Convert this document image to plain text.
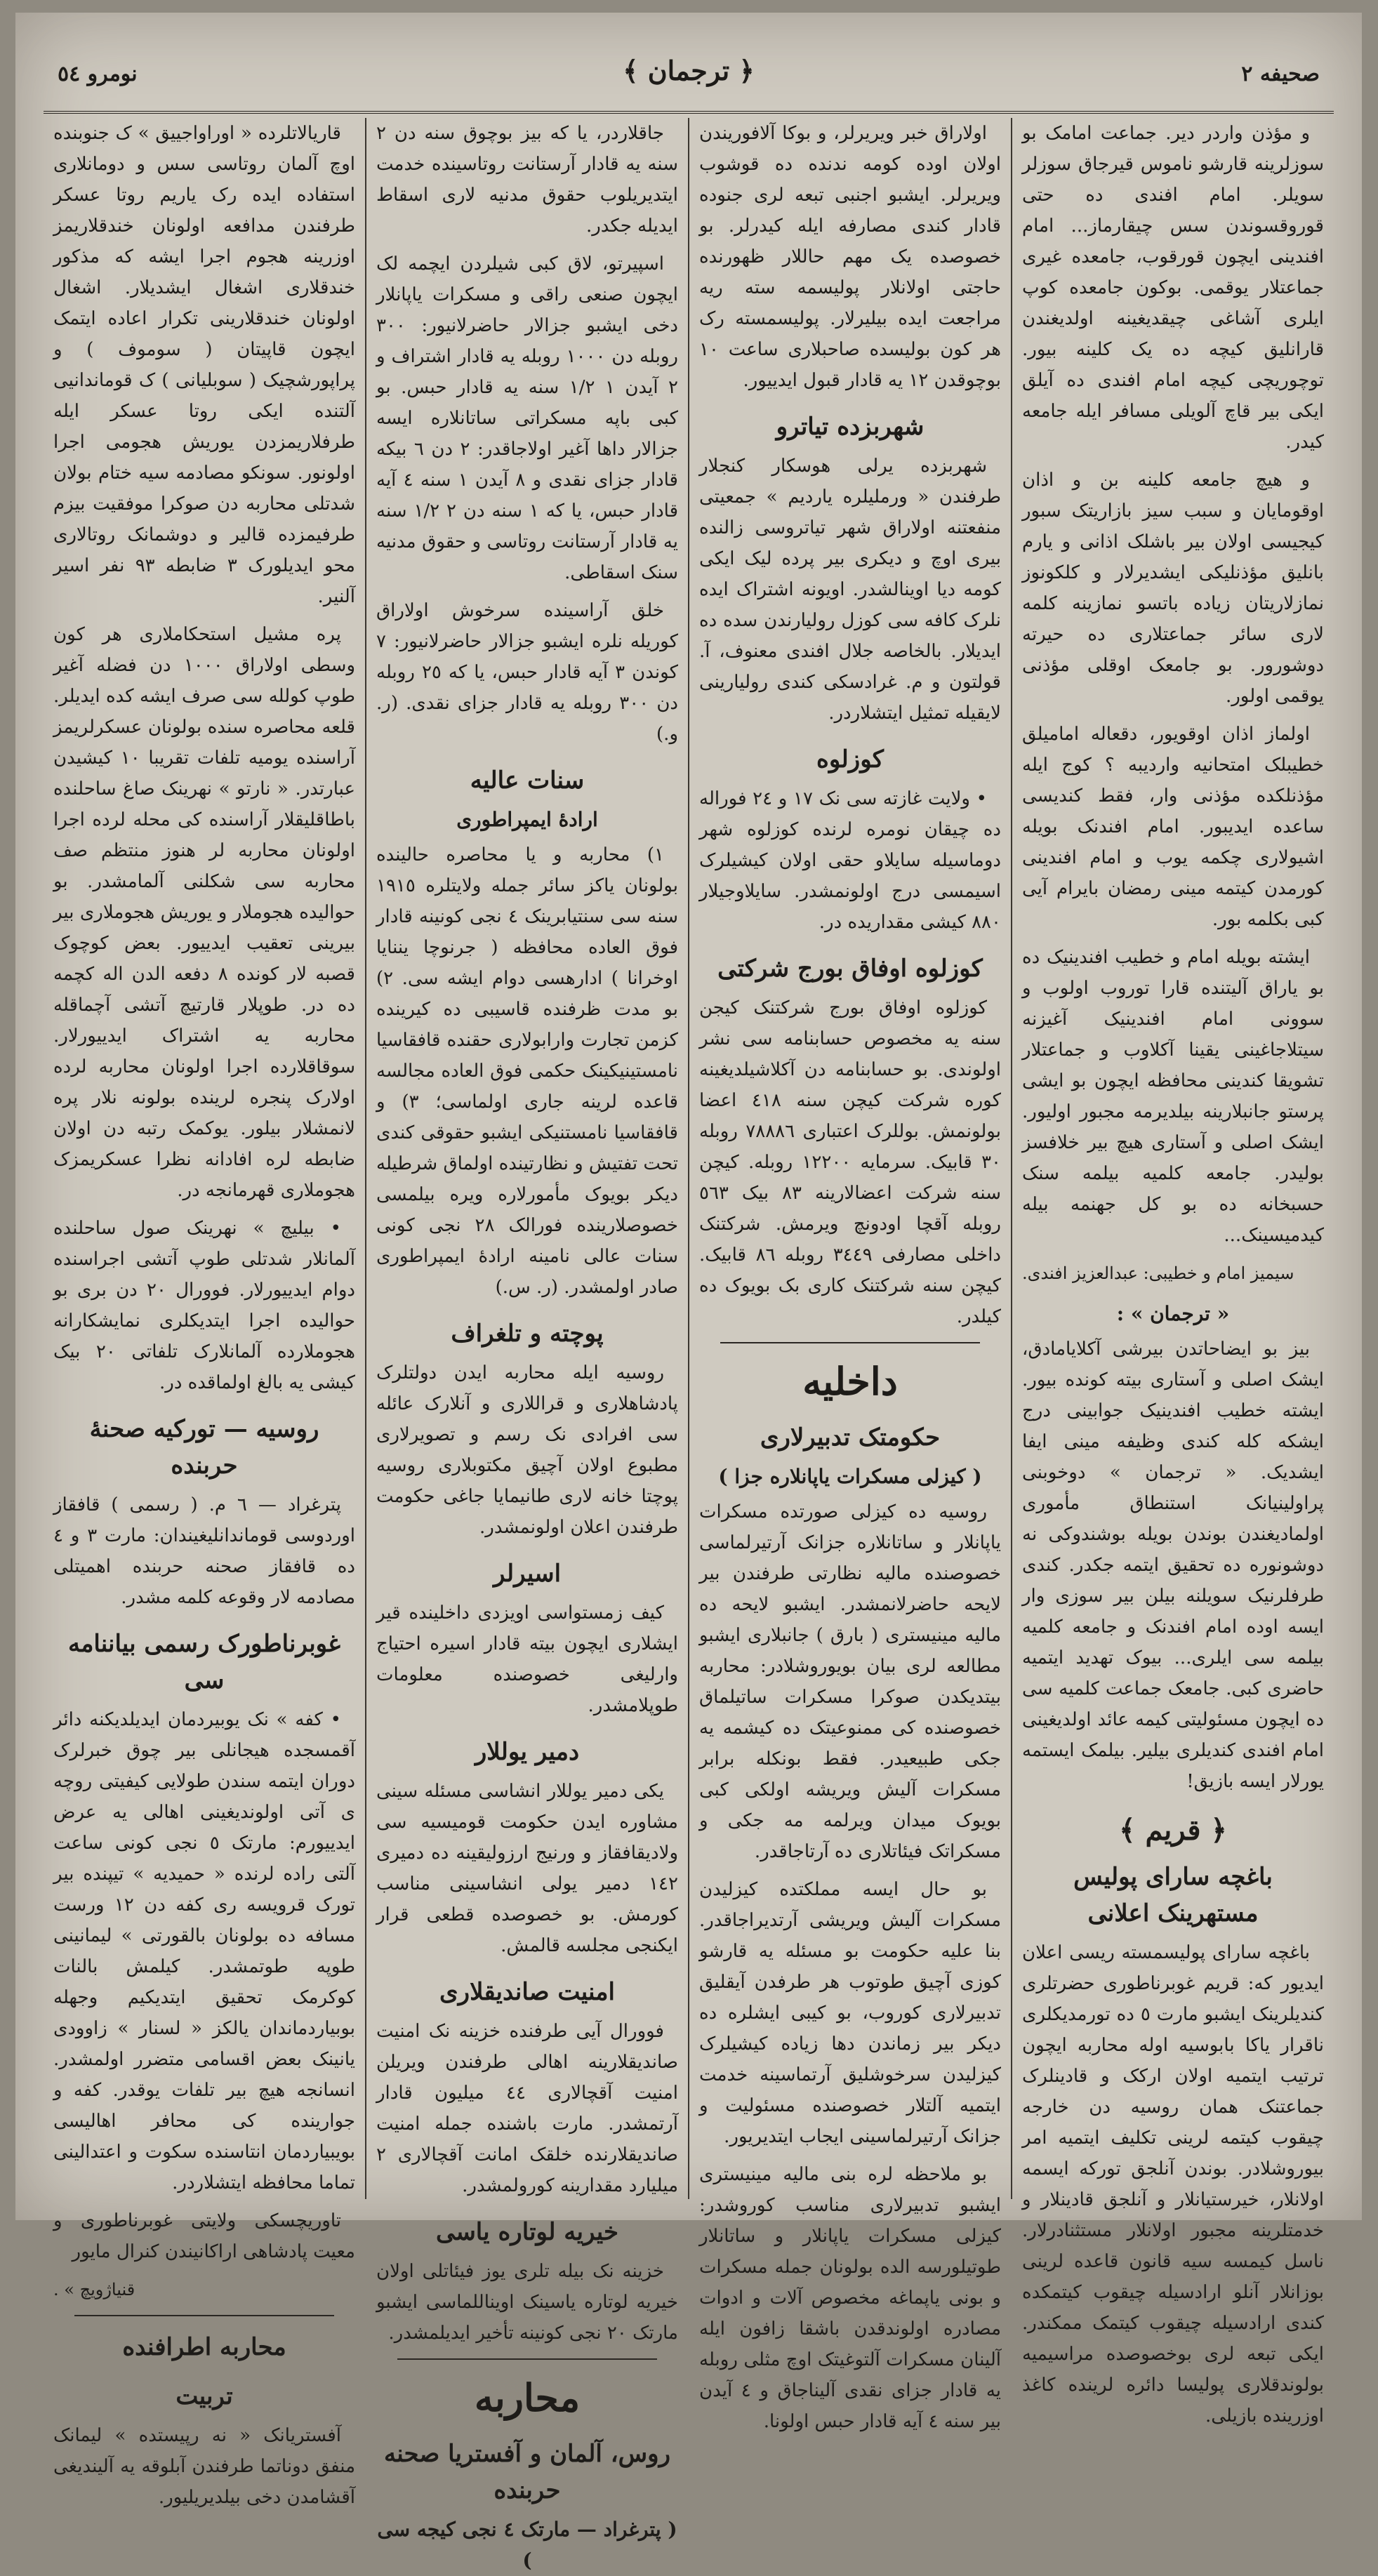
صحیفه ۲
﴿ ترجمان ﴾
نومرو ٥٤

و مؤذن واردر دیر. جماعت امامک بو سوزلرینه قارشو ناموس قیرجاق سوزلر سویلر. امام افندی ده حتی قوروقسوندن سس چیقارماز... امام افندینی ایچون قورقوب، جامعده غیری جماعتلار یوقمی. بوکون جامعده کوپ ایلری آشاغی چیقدیغینه اولدیغندن قارانلیق کیچه ده یک کلینه بیور. توچوریچی کیچه امام افندی ده آیلق ایکی بیر قاچ آلویلی مسافر ایله جامعه کیدر.

و هیچ جامعه کلینه بن و اذان اوقومایان و سبب سیز بازاریتک سبور کیجیسی اولان بیر باشلک اذانی و یارم بانلیق مؤذنلیکی ایشدیرلار و کلکونوز نمازلاریتان زیاده باتسو نمازینه کلمه لاری سائر جماعتلاری ده حیرته دوشورور. بو جامعک اوقلی مؤذنی یوقمی اولور.

اولماز اذان اوقویور، دقعاله امامیلق خطیبلک امتحانیه واردیبه ؟ کوج ایله مؤذنلکده مؤذنی وار، فقط کندیسی ساعده ایدیبور. امام افندنک بویله اشیولاری چکمه یوب و امام افندینی کورمدن کیتمه مینی رمضان بایرام آیی کبی بکلمه بور.

ایشته بویله امام و خطیب افندینیک ده بو یاراق آلیتنده قارا توروب اولوب و سوونی امام افندینیک آغیزنه سیتلاجاغینی یقینا آکلاوب و جماعتلار تشویقا کندینی محافظه ایچون بو ایشی پرستو جانبلارینه بیلدیرمه مجبور اولیور. ایشک اصلی و آستاری هیچ بیر خلافسز بولیدر. جامعه کلمیه بیلمه سنک حسبخانه ده بو کل جهنمه بیله کیدمیسینک...

سیمیز امام و خطیبی: عبدالعزیز افندی.
« ترجمان » :

بیز بو ایضاحاتدن بیرشی آکلایامادق، ایشک اصلی و آستاری بیته کونده بیور. ایشته خطیب افندینیک جوابینی درج ایشکه کله کندی وظیفه مینی ایفا ایشدیک. « ترجمان » دوخوبنی پراولینیانک استنطاق مأموری اولمادیغندن بوندن بویله بوشندوکی نه دوشونوره ده تحقیق ایتمه جکدر. کندی طرفلرنیک سویلنه بیلن بیر سوزی وار ایسه اوده امام افندنک و جامعه کلمیه بیلمه سی ایلری... بیوک تهدید ایتمیه حاضری کبی. جامعک جماعت کلمیه سی ده ایچون مسئولیتی کیمه عائد اولدیغینی امام افندی کندیلری بیلیر. بیلمک ایستمه یورلار ایسه بازیق!

﴿ قریم ﴾
باغچه سارای پولیس مستهرینک اعلانی

باغچه سارای پولیسمسته ریسی اعلان ایدیور که: قریم غوبرناطوری حضرتلری کندیلرینک ایشبو مارت ٥ ده تورمدیکلری ناقرار یاکا بابوسیه اوله محاربه ایچون ترتیب ایتمیه اولان ارکک و قادینلرک جماعتنک همان روسیه دن خارجه چیقوب کیتمه لرینی تکلیف ایتمیه امر بیوروشلادر. بوندن آنلجق تورکه ایسمه اولانلار، خیرستیانلار و آنلجق قادینلار و خدمتلرینه مجبور اولانلار مستثنادرلار. ناسل کیمسه سیه قانون قاعده لرینی بوزانلار آنلو ارادسیله چیقوب کیتمکده کندی ارادسیله چیقوب کیتمک ممکندر. ایکی تبعه لری بوخصوصده مراسیمیه بولوندقلاری پولیسا دائره لرینده کاغذ اوزرینده بازیلی.

اولاراق خبر ویریرلر، و بوکا آلافوریندن اولان اوده کومه ندنده ده قوشوب ویریرلر. ایشبو اجنبی تبعه لری جنوده قادار کندی مصارفه ایله کیدرلر. بو خصوصده یک مهم حاللار ظهورنده حاجتی اولانلار پولیسمه سته ریه مراجعت ایده بیلیرلار. پولیسمسته رک هر کون بولیسده صاحبلاری ساعت ١٠ بوچوقدن ١٢ یه قادار قبول ایدییور.

شهربزده تیاترو

شهربزده یرلی هوسکار کنجلار طرفندن « ورملیلره یاردیم » جمعیتی منفعتنه اولاراق شهر تیاتروسی زالنده بیری اوچ و دیکری بیر پرده لیک ایکی کومه دیا اوینالشدر. اویونه اشتراک ایده نلرک کافه سی کوزل رولیارندن سده ده ایدیلار. بالخاصه جلال افندی معنوف، آ. قولتون و م. غرادسکی کندی رولیارینی لایقیله تمثیل ایتشلاردر.

کوزلوه

• ولایت غازته سی نک ١٧ و ٢٤ فوراله ده چیقان نومره لرنده کوزلوه شهر دوماسیله سایلاو حقی اولان کیشیلرک اسیمسی درج اولونمشدر. سایلاوجیلار ٨٨٠ کیشی مقداریده در.

کوزلوه اوفاق بورج شرکتی

کوزلوه اوفاق بورج شرکتنک کیجن سنه یه مخصوص حسابنامه سی نشر اولوندی. بو حسابنامه دن آکلاشیلدیغینه کوره شرکت کیچن سنه ٤١٨ اعضا بولونمش. بوللرک اعتباری ٧٨٨٨٦ روبله ٣٠ قابیک. سرمایه ١٢٢٠٠ روبله. کیچن سنه شرکت اعضالارینه ٨٣ بیک ٥٦٣ روبله آقچا اودونچ ویرمش. شرکتنک داخلی مصارفی ٣٤٤٩ روبله ٨٦ قابیک. کیچن سنه شرکتنک کاری بک بویوک ده کیلدر.

داخلیه
حکومتک تدبیرلاری
( کیزلی مسکرات یاپانلاره جزا )

روسیه ده کیزلی صورتده مسکرات یاپانلار و ساتانلاره جزانک آرتیرلماسی خصوصنده مالیه نظارتی طرفندن بیر لایحه حاضرلانمشدر. ایشبو لایحه ده مالیه مینیستری ( بارق ) جانبلاری ایشبو مطالعه لری بیان بویوروشلادر: محاربه بیتدیکدن صوکرا مسکرات ساتیلماق خصوصنده کی ممنوعیتک ده کیشمه یه جکی طبیعیدر. فقط بونکله برابر مسکرات آلیش ویریشه اولکی کبی بویوک میدان ویرلمه مه جکی و مسکراتک فیئاتلاری ده آرتاجاقدر.

بو حال ایسه مملکتده کیزلیدن مسکرات آلیش ویریشی آرتدیراجاقدر. بنا علیه حکومت بو مسئله یه قارشو کوزی آچیق طوتوب هر طرفدن آیقلیق تدبیرلاری کوروب، بو کیبی ایشلره ده دیکر بیر زماندن دها زیاده کیشیلرک کیزلیدن سرخوشلیق آرتماسینه خدمت ایتمیه آلتلار خصوصنده مسئولیت و جزانک آرتیرلماسینی ایجاب ایتدیریور.

بو ملاحظه لره بنی مالیه مینیستری ایشبو تدبیرلاری مناسب کوروشدر: کیزلی مسکرات یاپانلار و ساتانلار طوتیلورسه الده بولونان جمله مسکرات و بونی یاپماغه مخصوص آلات و ادوات مصادره اولوندقدن باشقا زافون ایله آلینان مسکرات آلتوغیتک اوچ مثلی روبله یه قادار جزای نقدی آلیناجاق و ٤ آیدن بیر سنه ٤ آیه قادار حبس اولونا.

جاقلاردر، یا که بیز بوچوق سنه دن ٢ سنه یه قادار آرستانت روتاسینده خدمت ایتدیریلوب حقوق مدنیه لاری اسقاط ایدیله جکدر.

اسپیرتو، لاق کبی شیلردن ایچمه لک ایچون صنعی راقی و مسکرات یاپانلار دخی ایشبو جزالار حاضرلانیور: ٣٠٠ روبله دن ١٠٠٠ روبله یه قادار اشتراف و ٢ آیدن ١ ١/٢ سنه یه قادار حبس. بو کبی باپه مسکراتی ساتانلاره ایسه جزالار داها آغیر اولاجاقدر: ٢ دن ٦ بیکه قادار جزای نقدی و ٨ آیدن ١ سنه ٤ آیه قادار حبس، یا که ١ سنه دن ٢ ١/٢ سنه یه قادار آرستانت روتاسی و حقوق مدنیه سنک اسقاطی.

خلق آراسینده سرخوش اولاراق کوریله نلره ایشبو جزالار حاضرلانیور: ٧ کوندن ٣ آیه قادار حبس، یا که ٢٥ روبله دن ٣٠٠ روبله یه قادار جزای نقدی. (ر. و.)

سنات عالیه
ارادهٔ ایمپراطوری

١) محاربه و یا محاصره حالینده بولونان یاکز سائر جمله ولایتلره ١٩١٥ سنه سی سنتیابرینک ٤ نجی کونینه قادار فوق العاده محافظه ( جرنوچا یننایا اوخرانا ) ادارهسی دوام ایشه سی. ٢) بو مدت ظرفنده قاسیبی ده کیرینده کزمن تجارت وارابولاری حقنده قافقاسیا نامستینیکینک حکمی فوق العاده مجالسه قاعده لرینه جاری اولماسی؛ ٣) و قافقاسیا نامستنیکی ایشبو حقوقی کندی تحت تفتیش و نظارتینده اولماق شرطیله دیکر بویوک مأمورلاره ویره بیلمسی خصوصلارینده فورالک ٢٨ نجی کونی سنات عالی نامینه ارادهٔ ایمپراطوری صادر اولمشدر. (ر. س.)

پوچته و تلغراف

روسیه ایله محاربه ایدن دولتلرک پادشاهلاری و قراللاری و آنلارک عائله سی افرادی نک رسم و تصویرلاری مطبوع اولان آچیق مکتوبلاری روسیه پوچتا خانه لاری طانیمایا جاغی حکومت طرفندن اعلان اولونمشدر.

اسیرلر

کیف زمستواسی اویزدی داخلینده قیر ایشلاری ایچون بیته قادار اسیره احتیاج وارلیغی خصوصنده معلومات طوپلامشدر.

دمیر یوللار

یکی دمیر یوللار انشاسی مسئله سینی مشاوره ایدن حکومت قومیسیه سی ولادیقافقاز و ورنیج ارزولیقینه ده دمیری ١٤٢ دمیر یولی انشاسینی مناسب کورمش. بو خصوصده قطعی قرار ایکنجی مجلسه قالمش.

امنیت صاندیقلاری

فوورال آیی طرفنده خزینه نک امنیت صاندیقلارینه اهالی طرفندن ویریلن امنیت آقچالاری ٤٤ میلیون قادار آرتمشدر. مارت باشنده جمله امنیت صاندیقلارنده خلقک امانت آقچالاری ٢ میلیارد مقدارینه کورولمشدر.

خیریه لوتاره یاسی

خزینه نک بیله تلری یوز فیئاتلی اولان خیریه لوتاره یاسینک اویناللماسی ایشبو مارتک ٢٠ نجی کونینه تأخیر ایدیلمشدر.

محاربه
روس، آلمان و آفستریا صحنه حربنده
( پترغراد — مارتک ٤ نجی کیجه سی )

قاریالاتلرده « اوراواجییق » ک جنوبنده اوچ آلمان روتاسی سس و دومانلاری استفاده ایده رک یاریم روتا عسکر طرفندن مدافعه اولونان خندقلاریمز اوزرینه هجوم اجرا ایشه که مذکور خندقلاری اشغال ایشدیلار. اشغال اولونان خندقلارینی تکرار اعاده ایتمک ایچون قاپیتان ( سوموف ) و پراپورشچیک ( سوبلیانی ) ک قوماندانیی آلتنده ایکی روتا عسکر ایله طرفلاریمزدن یوریش هجومی اجرا اولونور. سونکو مصادمه سیه ختام بولان شدتلی محاربه دن صوکرا موفقیت بیزم طرفیمزده قالیر و دوشمانک روتالاری محو ایدیلورک ٣ ضابطه ٩٣ نفر اسیر آلنیر.

پره مشیل استحکاملاری هر کون وسطی اولاراق ١٠٠٠ دن فضله آغیر طوپ کولله سی صرف ایشه کده ایدیلر. قلعه محاصره سنده بولونان عسکرلریمز آراسنده یومیه تلفات تقریبا ١٠ کیشیدن عبارتدر. « نارتو » نهرینک صاغ ساحلنده باطاقلیقلار آراسنده کی محله لرده اجرا اولونان محاربه لر هنوز منتظم صف محاربه سی شکلنی آلمامشدر. بو حوالیده هجوملار و یوریش هجوملاری بیر بیرینی تعقیب ایدییور. بعض کوچوک قصبه لار کونده ٨ دفعه الدن اله کچمه ده در. طوپلار قارتیچ آتشی آچماقله محاربه یه اشتراک ایدییورلار. سوقاقلارده اجرا اولونان محاربه لرده اولارک پنجره لرینده بولونه نلار پره لانمشلار بیلور. یوکمک رتبه دن اولان ضابطه لره افادانه نظرا عسکریمزک هجوملاری قهرمانجه در.

• بیلیچ » نهرینک صول ساحلنده آلمانلار شدتلی طوپ آتشی اجراسنده دوام ایدییورلار. فوورال ٢٠ دن بری بو حوالیده اجرا ایتدیکلری نمایشکارانه هجوملارده آلمانلارک تلفاتی ٢٠ بیک کیشی یه بالغ اولماقده در.

روسیه — تورکیه صحنهٔ حربنده

پترغراد — ٦ م. ( رسمی ) قافقاز اوردوسی قوماندانلیغیندان: مارت ٣ و ٤ ده قافقاز صحنه حربنده اهمیتلی مصادمه لار وقوعه کلمه مشدر.

غوبرناطورک رسمی بیاننامه سی

• کفه » نک یوبیردمان ایدیلدیکنه دائر آقمسجده هیجانلی بیر چوق خبرلرک دوران ایتمه سندن طولایی کیفیتی روچه ی آتی اولوندیغینی اهالی یه عرض ایدییورم: مارتک ٥ نجی کونی ساعت آلتی راده لرنده « حمیدیه » تیپنده بیر تورک قرویسه ری کفه دن ١٢ ورست مسافه ده بولونان بالقورتی » لیمانینی طوپه طوتمشدر. کیلمش بالنات کوکرمک تحقیق ایتدیکیم وجهله بوبیاردماندان یالکز « لسنار » زاوودی یانینک بعض اقسامی متضرر اولمشدر. انسانجه هیچ بیر تلفات یوقدر. کفه و جوارینده کی محافر اهالیسی بویبیاردمان انتاسنده سکوت و اعتدالینی تماما محافظه ایتشلاردر.

تاوریچسکی ولایتی غوبرناطوری و معیت پادشاهی اراکانیندن کنرال مایور

قنیاژویچ » .
محاربه اطرافنده
تربیت

آفستریانک « نه رپیستده » لیمانک منفق دوناتما طرفندن آبلوقه یه آلیندیغی آقشامدن دخی بیلدیریلیور.
